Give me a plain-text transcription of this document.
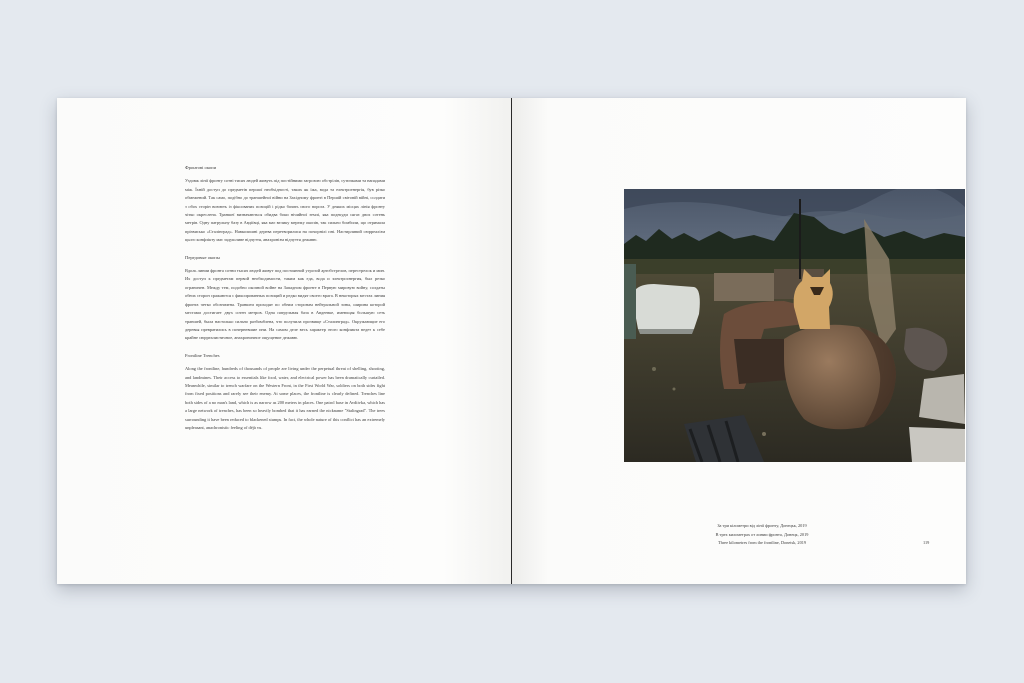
Фронтові окопи

Уздовж лінії фронту сотні тисяч людей живуть під постійними загрозою обстрілів, сутичками та нападами між. Їхній доступ до предметів першої необхідності, таких як їжа, вода та електроенергія, був різко обмежений. Так само, подібно до траншейної війни на Західному фронті в Першій світовій війні, солдати з обох сторін воюють із фіксованих позицій і рідко бачать свого ворога. У деяких місцях лінія фронту чітко окреслена. Траншеї визначаються обидва боки нічийної землі, яка подекуди сягає двох сотень метрів. Одну патрульну базу в Авдіївці, яка має велику мережу окопів, так сильно бомбили, що отримала прізвисько «Сталінград». Навколишні дерева перетворилися на почорнілі пні. Настирливий сюрреалізм цього конфлікту має задушливе відчуття, анахронізм відчуття дежавю.

Передовые окопы

Вдоль линии фронта сотни тысяч людей живут под постоянной угрозой артобстрелов, перестрелок и мин. Их доступ к предметам первой необходимости, таким как еда, вода и электроэнергия, был резко ограничен. Между тем, подобно окопной войне на Западном фронте в Первую мировую войну, солдаты обеих сторон сражаются с фиксированных позиций и редко видят своего врага. В некоторых местах линия фронта четко обозначена. Траншеи проходят по обеим сторонам нейтральной зоны, ширина которой местами достигает двух сотен метров. Одна патрульная база в Авдеевке, имеющая большую сеть траншей, была настолько сильно разбомблена, что получила прозвище «Сталинград». Окружающие его деревья превратились в почерневшие пни. На самом деле весь характер этого конфликта ведет к себе крайне сюрреалистичное, анахроничное ощущение дежавю.

Frontline Trenches

Along the frontline, hundreds of thousands of people are living under the perpetual threat of shelling, shooting, and landmines. Their access to essentials like food, water, and electrical power has been dramatically curtailed. Meanwhile, similar to trench warfare on the Western Front, in the First World War, soldiers on both sides fight from fixed positions and rarely see their enemy. At some places, the frontline is clearly defined. Trenches line both sides of a no man's land, which is as narrow as 200 meters in places. One patrol base in Avdiivka, which has a large network of trenches, has been so heavily bombed that it has earned the nickname "Stalingrad". The trees surrounding it have been reduced to blackened stumps. In fact, the whole nature of this conflict has an extremely unpleasant, anachronistic feeling of déjà vu.

За три кілометри від лінії фронту, Донецьк, 2019
В трех километрах от линии фронта, Донецк, 2019
Three kilometres from the frontline, Donetsk, 2019	119
